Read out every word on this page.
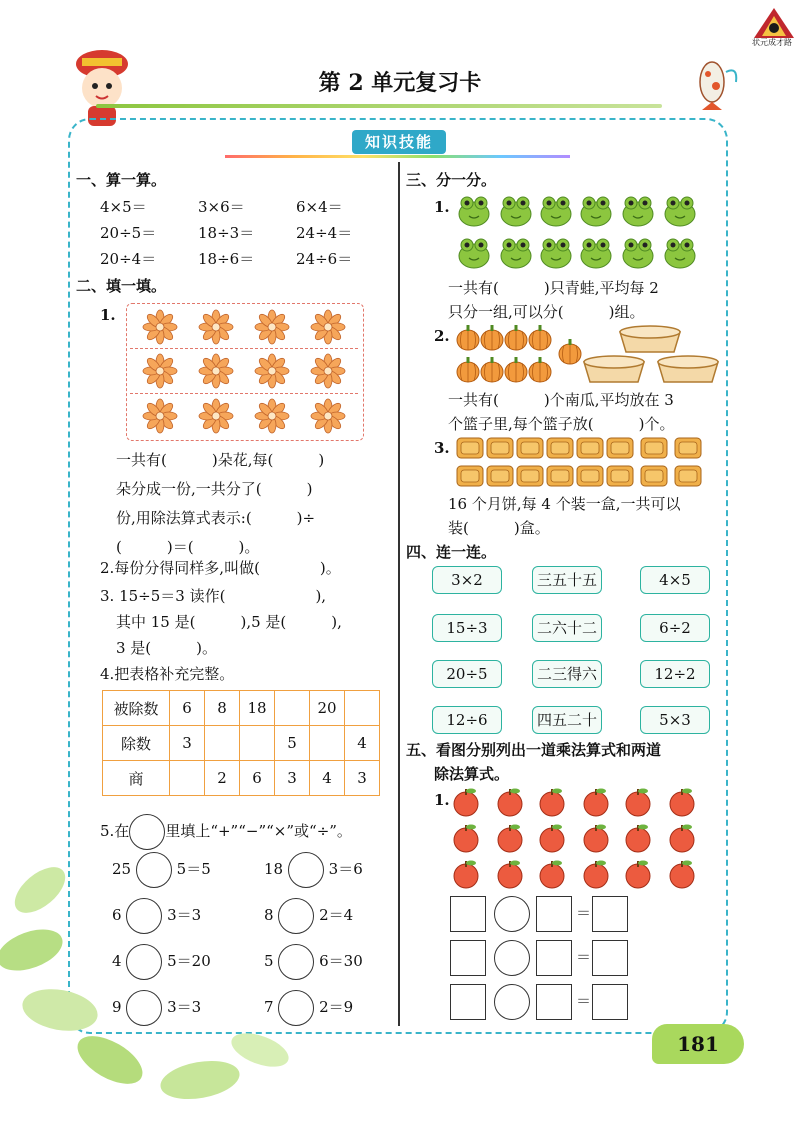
状元成才路
第 2 单元复习卡
知识技能
一、算一算。
4×5＝	3×6＝	6×4＝
20÷5＝	18÷3＝	24÷4＝
20÷4＝	18÷6＝	24÷6＝
二、填一填。
1.
一共有(　　　)朵花,每(　　　)
朵分成一份,一共分了(　　　)
份,用除法算式表示:(　　　)÷
(　　　)＝(　　　)。
2.每份分得同样多,叫做(　　　　)。
3. 15÷5＝3 读作(　　　　　　),
其中 15 是(　　　),5 是(　　　),
3 是(　　　)。
4.把表格补充完整。
被除数	6	8	18		20	
除数	3			5		4
商		2	6	3	4	3
5.在 里填上“+”“−”“×”或“÷”。
25	5＝5	18	3＝6
6	3＝3	8	2＝4
4	5＝20	5	6＝30
9	3＝3	7	2＝9
三、分一分。
1.
一共有(　　　)只青蛙,平均每 2
只分一组,可以分(　　　)组。
2.
一共有(　　　)个南瓜,平均放在 3
个篮子里,每个篮子放(　　　)个。
3.
16 个月饼,每 4 个装一盒,一共可以
装(　　　)盒。
四、连一连。
3×2	三五十五	4×5
15÷3	二六十二	6÷2
20÷5	二三得六	12÷2
12÷6	四五二十	5×3
五、看图分别列出一道乘法算式和两道
除法算式。
1.
＝
＝
＝
181
